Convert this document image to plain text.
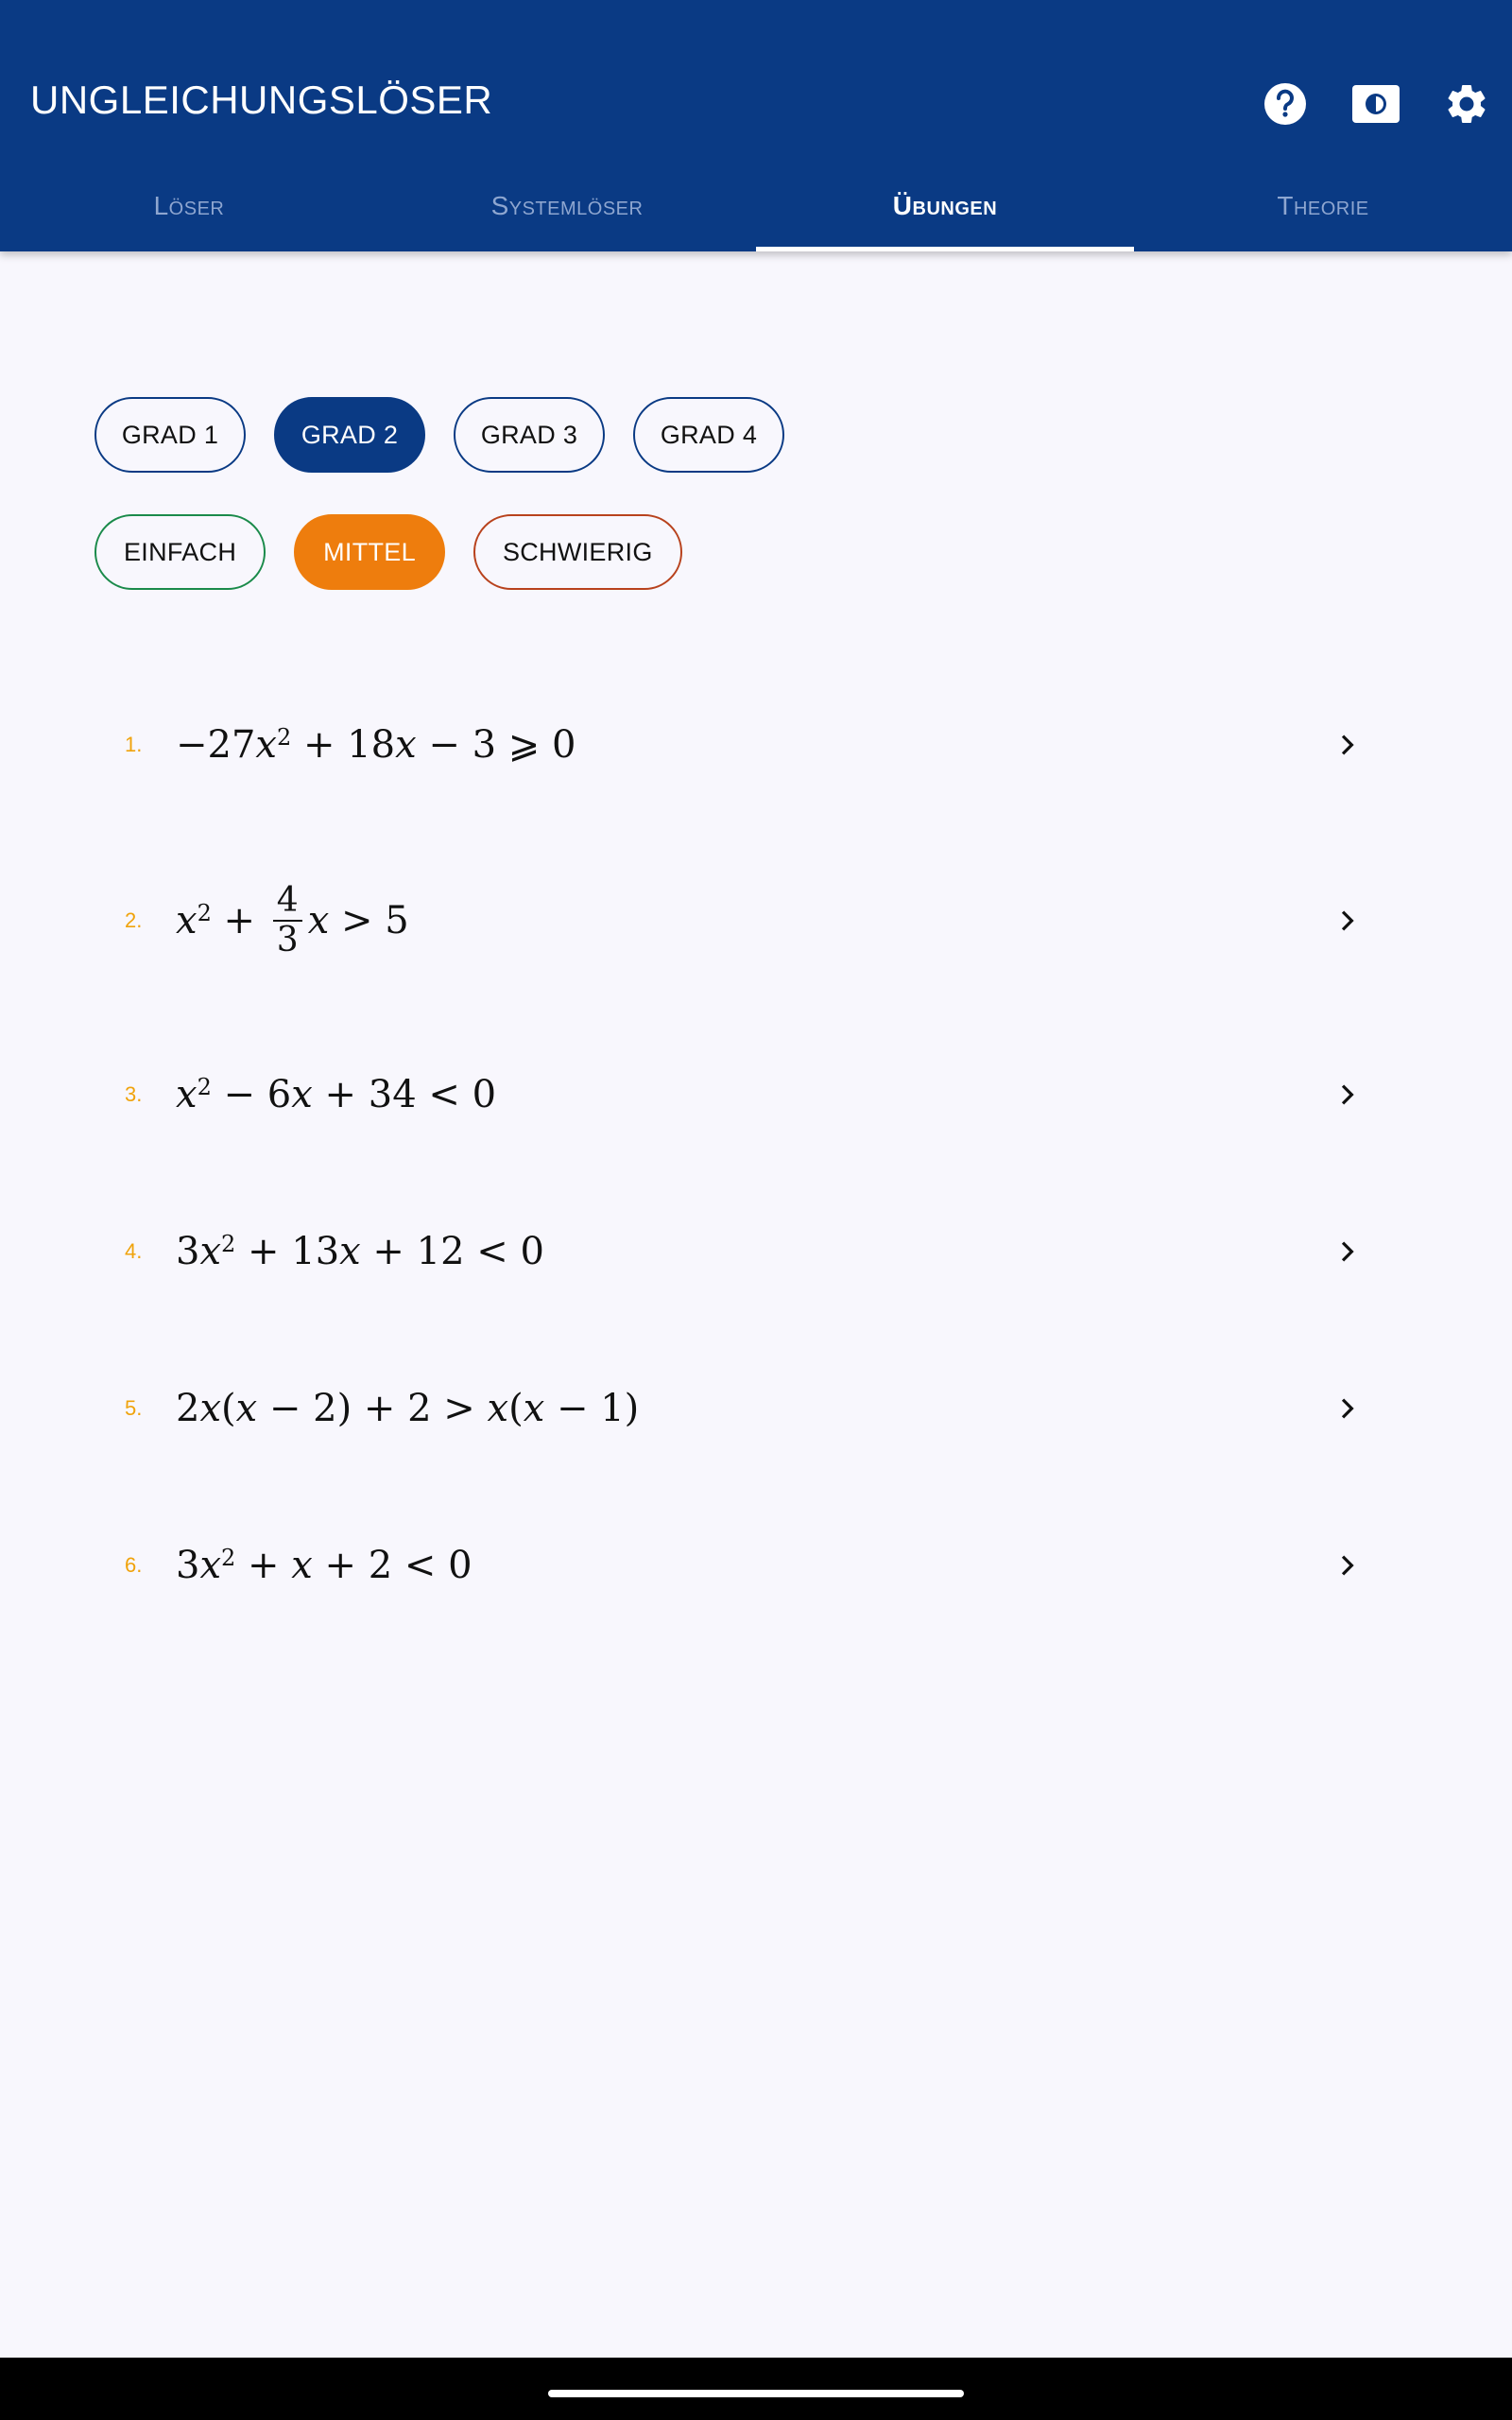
UNGLEICHUNGSLÖSER
Löser	Systemlöser	Übungen	Theorie
GRAD 1	GRAD 2	GRAD 3	GRAD 4
EINFACH	MITTEL	SCHWIERIG
1. −27 $x^2 + 18$ x − 3 ⩾ 0
2. $x^2 + \frac{4}{3}$ x > 5
3. $x^2 - 6$ x + 34 < 0
4. 3 $x^2 + 13$ x + 12 < 0
5. 2 x ( x − 2) + 2 > x ( x − 1)
6. 3 $x^2 + x + 2 < 0$
